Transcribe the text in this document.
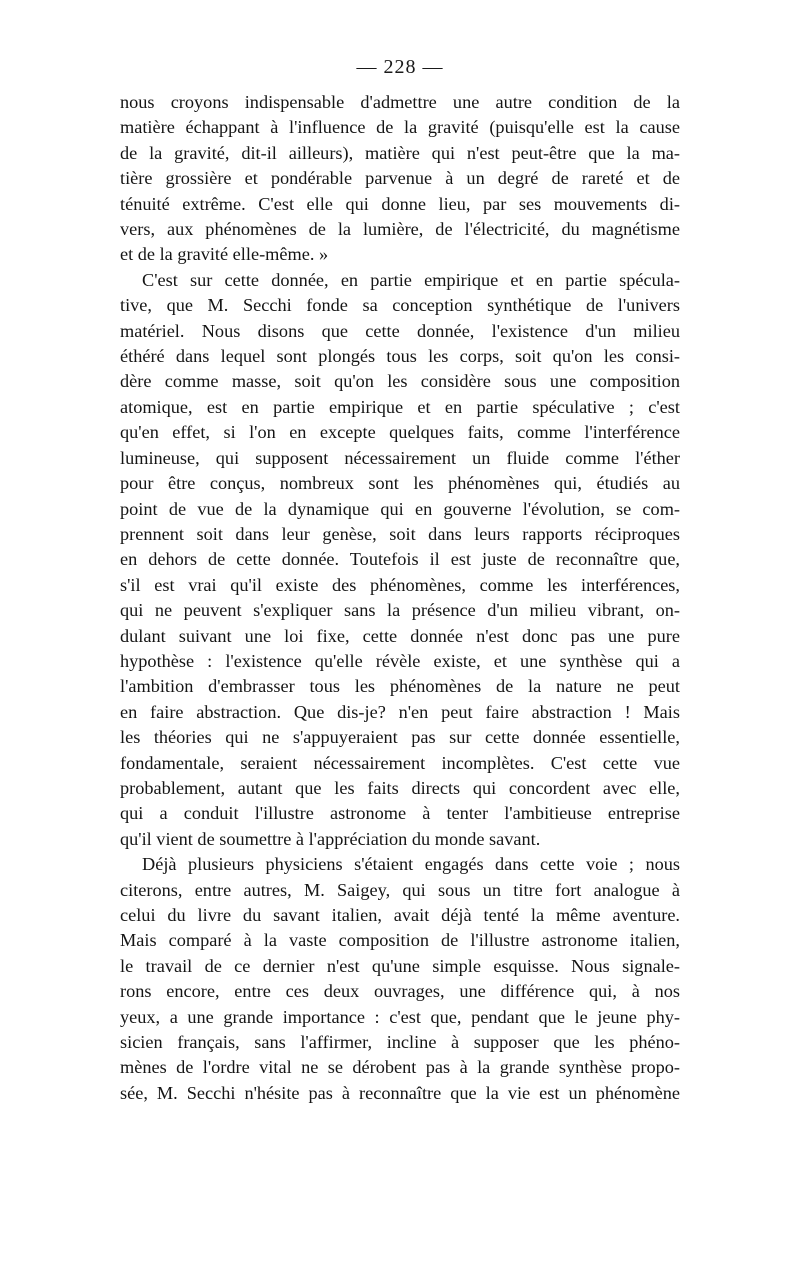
— 228 —

nous croyons indispensable d'admettre une autre condition de la
matière échappant à l'influence de la gravité (puisqu'elle est la cause
de la gravité, dit-il ailleurs), matière qui n'est peut-être que la ma-
tière grossière et pondérable parvenue à un degré de rareté et de
ténuité extrême. C'est elle qui donne lieu, par ses mouvements di-
vers, aux phénomènes de la lumière, de l'électricité, du magnétisme
et de la gravité elle-même. »

C'est sur cette donnée, en partie empirique et en partie spécula-
tive, que M. Secchi fonde sa conception synthétique de l'univers
matériel. Nous disons que cette donnée, l'existence d'un milieu
éthéré dans lequel sont plongés tous les corps, soit qu'on les consi-
dère comme masse, soit qu'on les considère sous une composition
atomique, est en partie empirique et en partie spéculative ; c'est
qu'en effet, si l'on en excepte quelques faits, comme l'interférence
lumineuse, qui supposent nécessairement un fluide comme l'éther
pour être conçus, nombreux sont les phénomènes qui, étudiés au
point de vue de la dynamique qui en gouverne l'évolution, se com-
prennent soit dans leur genèse, soit dans leurs rapports réciproques
en dehors de cette donnée. Toutefois il est juste de reconnaître que,
s'il est vrai qu'il existe des phénomènes, comme les interférences,
qui ne peuvent s'expliquer sans la présence d'un milieu vibrant, on-
dulant suivant une loi fixe, cette donnée n'est donc pas une pure
hypothèse : l'existence qu'elle révèle existe, et une synthèse qui a
l'ambition d'embrasser tous les phénomènes de la nature ne peut
en faire abstraction. Que dis-je? n'en peut faire abstraction ! Mais
les théories qui ne s'appuyeraient pas sur cette donnée essentielle,
fondamentale, seraient nécessairement incomplètes. C'est cette vue
probablement, autant que les faits directs qui concordent avec elle,
qui a conduit l'illustre astronome à tenter l'ambitieuse entreprise
qu'il vient de soumettre à l'appréciation du monde savant.

Déjà plusieurs physiciens s'étaient engagés dans cette voie ; nous
citerons, entre autres, M. Saigey, qui sous un titre fort analogue à
celui du livre du savant italien, avait déjà tenté la même aventure.
Mais comparé à la vaste composition de l'illustre astronome italien,
le travail de ce dernier n'est qu'une simple esquisse. Nous signale-
rons encore, entre ces deux ouvrages, une différence qui, à nos
yeux, a une grande importance : c'est que, pendant que le jeune phy-
sicien français, sans l'affirmer, incline à supposer que les phéno-
mènes de l'ordre vital ne se dérobent pas à la grande synthèse propo-
sée, M. Secchi n'hésite pas à reconnaître que la vie est un phénomène
